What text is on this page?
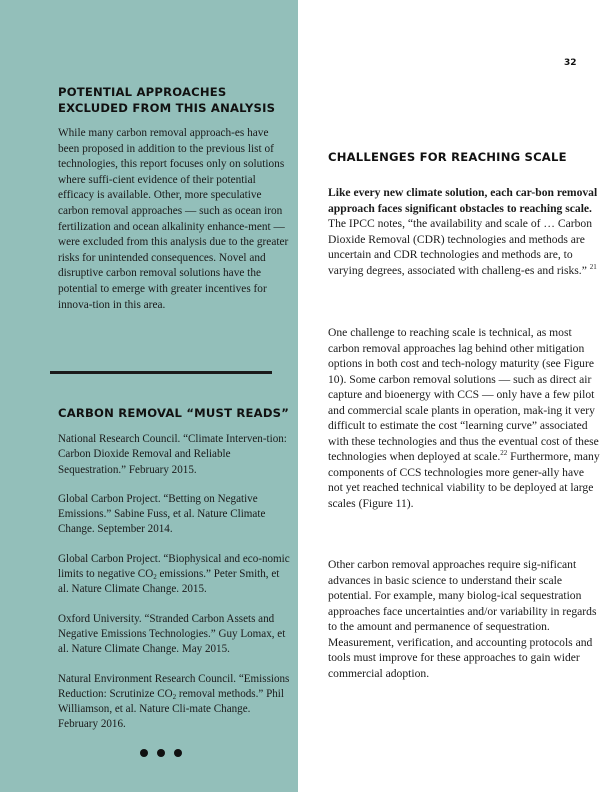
POTENTIAL APPROACHES
EXCLUDED FROM THIS ANALYSIS

While many carbon removal approach-es have been proposed in addition to the previous list of technologies, this report focuses only on solutions where suffi-cient evidence of their potential efficacy is available. Other, more speculative carbon removal approaches — such as ocean iron fertilization and ocean alkalinity enhance-ment — were excluded from this analysis due to the greater risks for unintended consequences. Novel and disruptive carbon removal solutions have the potential to emerge with greater incentives for innova-tion in this area.

CARBON REMOVAL “MUST READS”

National Research Council. “Climate Interven-tion: Carbon Dioxide Removal and Reliable Sequestration.” February 2015.

Global Carbon Project. “Betting on Negative Emissions.” Sabine Fuss, et al. Nature Climate Change. September 2014.

Global Carbon Project. “Biophysical and eco-nomic limits to negative $CO_2$ emissions.” Peter Smith, et al. Nature Climate Change. 2015.

Oxford University. “Stranded Carbon Assets and Negative Emissions Technologies.” Guy Lomax, et al. Nature Climate Change. May 2015.

Natural Environment Research Council. “Emissions Reduction: Scrutinize $CO_2$ removal methods.” Phil Williamson, et al. Nature Cli-mate Change. February 2016.

32
CHALLENGES FOR REACHING SCALE

Like every new climate solution, each car-bon removal approach faces significant obstacles to reaching scale. The IPCC notes, “the availability and scale of … Carbon Dioxide Removal (CDR) technologies and methods are uncertain and CDR technologies and methods are, to varying degrees, associated with challeng-es and risks.” $^{21}$

One challenge to reaching scale is technical, as most carbon removal approaches lag behind other mitigation options in both cost and tech-nology maturity (see Figure 10). Some carbon removal solutions — such as direct air capture and bioenergy with CCS — only have a few pilot and commercial scale plants in operation, mak-ing it very difficult to estimate the cost “learning curve” associated with these technologies and thus the eventual cost of these technologies when deployed at scale.$^{22}$ Furthermore, many components of CCS technologies more gener-ally have not yet reached technical viability to be deployed at large scales (Figure 11).

Other carbon removal approaches require sig-nificant advances in basic science to understand their scale potential. For example, many biolog-ical sequestration approaches face uncertainties and/or variability in regards to the amount and permanence of sequestration. Measurement, verification, and accounting protocols and tools must improve for these approaches to gain wider commercial adoption.
